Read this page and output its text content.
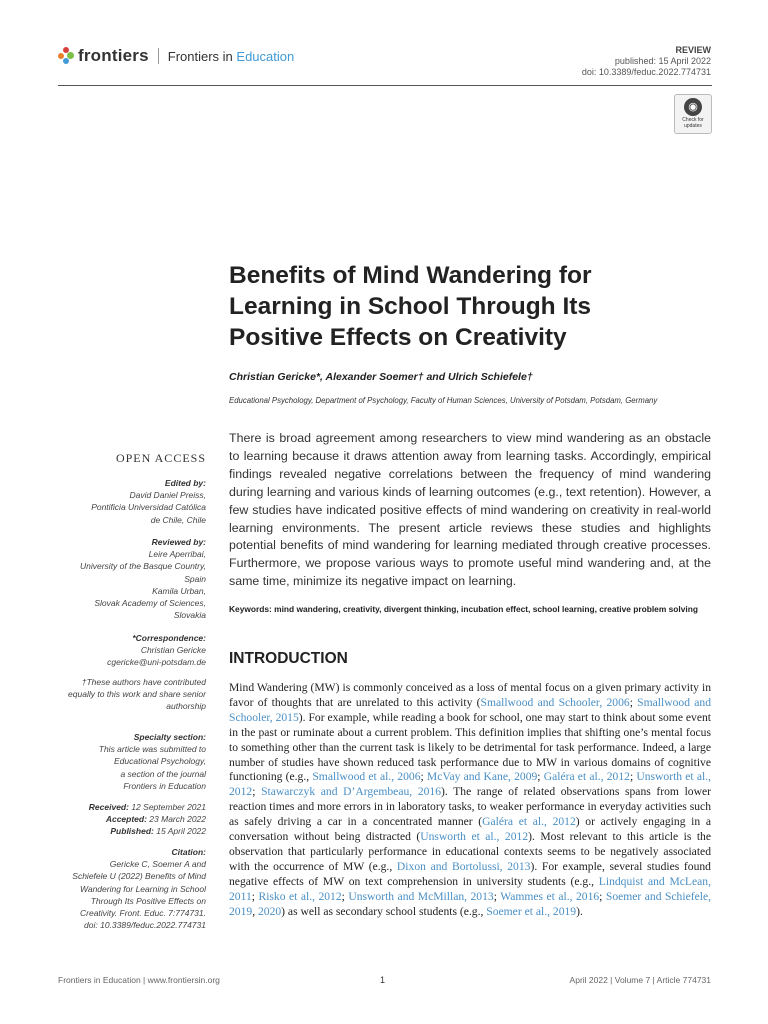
frontiers Frontiers in Education	REVIEW
published: 15 April 2022
doi: 10.3389/feduc.2022.774731
◉
Check for updates
Benefits of Mind Wandering for Learning in School Through Its Positive Effects on Creativity
Christian Gericke*, Alexander Soemer† and Ulrich Schiefele†
Educational Psychology, Department of Psychology, Faculty of Human Sciences, University of Potsdam, Potsdam, Germany

There is broad agreement among researchers to view mind wandering as an obstacle to learning because it draws attention away from learning tasks. Accordingly, empirical findings revealed negative correlations between the frequency of mind wandering during learning and various kinds of learning outcomes (e.g., text retention). However, a few studies have indicated positive effects of mind wandering on creativity in real-world learning environments. The present article reviews these studies and highlights potential benefits of mind wandering for learning mediated through creative processes. Furthermore, we propose various ways to promote useful mind wandering and, at the same time, minimize its negative impact on learning.

Keywords: mind wandering, creativity, divergent thinking, incubation effect, school learning, creative problem solving
INTRODUCTION

Mind Wandering (MW) is commonly conceived as a loss of mental focus on a given primary activity in favor of thoughts that are unrelated to this activity (Smallwood and Schooler, 2006; Smallwood and Schooler, 2015). For example, while reading a book for school, one may start to think about some event in the past or ruminate about a current problem. This definition implies that shifting one’s mental focus to something other than the current task is likely to be detrimental for task performance. Indeed, a large number of studies have shown reduced task performance due to MW in various domains of cognitive functioning (e.g., Smallwood et al., 2006; McVay and Kane, 2009; Galéra et al., 2012; Unsworth et al., 2012; Stawarczyk and D’Argembeau, 2016). The range of related observations spans from lower reaction times and more errors in in laboratory tasks, to weaker performance in everyday activities such as safely driving a car in a concentrated manner (Galéra et al., 2012) or actively engaging in a conversation without being distracted (Unsworth et al., 2012). Most relevant to this article is the observation that particularly performance in educational contexts seems to be negatively associated with the occurrence of MW (e.g., Dixon and Bortolussi, 2013). For example, several studies found negative effects of MW on text comprehension in university students (e.g., Lindquist and McLean, 2011; Risko et al., 2012; Unsworth and McMillan, 2013; Wammes et al., 2016; Soemer and Schiefele, 2019, 2020) as well as secondary school students (e.g., Soemer et al., 2019).

OPEN ACCESS
Edited by:
David Daniel Preiss,
Pontificia Universidad Católica
de Chile, Chile
Reviewed by:
Leire Aperribai,
University of the Basque Country,
Spain
Kamila Urban,
Slovak Academy of Sciences,
Slovakia
*Correspondence:
Christian Gericke
cgericke@uni-potsdam.de
†These authors have contributed
equally to this work and share senior
authorship
Specialty section:
This article was submitted to
Educational Psychology,
a section of the journal
Frontiers in Education
Received: 12 September 2021
Accepted: 23 March 2022
Published: 15 April 2022
Citation:
Gericke C, Soemer A and
Schiefele U (2022) Benefits of Mind
Wandering for Learning in School
Through Its Positive Effects on
Creativity. Front. Educ. 7:774731.
doi: 10.3389/feduc.2022.774731
Frontiers in Education | www.frontiersin.org	1	April 2022 | Volume 7 | Article 774731
